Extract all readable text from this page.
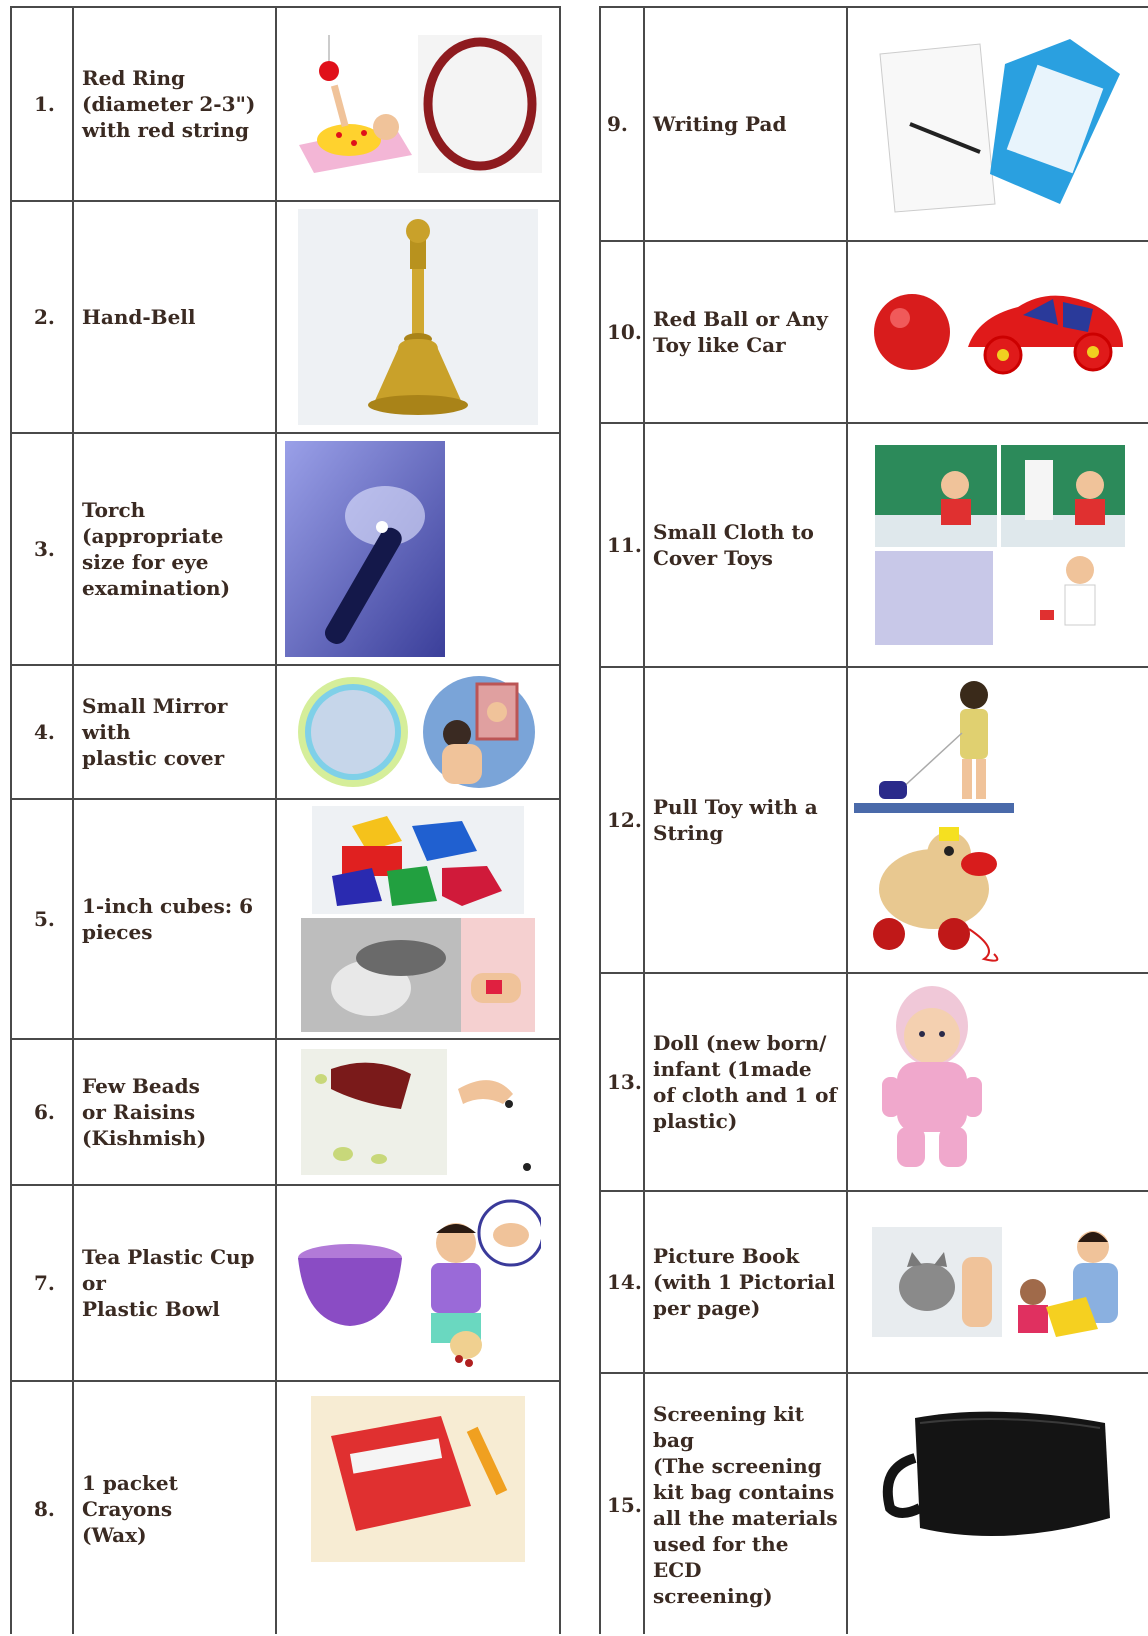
1.
Red Ring
(diameter 2-3")
with red string
2.	Hand-Bell
3.
Torch
(appropriate
size for eye
examination)
4.
Small Mirror with
plastic cover
5.
1-inch cubes: 6
pieces
6.
Few Beads
or Raisins
(Kishmish)
7.
Tea Plastic Cup or
Plastic Bowl
8.
1 packet Crayons
(Wax)
9.	Writing Pad
10.
Red Ball or Any
Toy like Car
11.
Small Cloth to
Cover Toys
12.
Pull Toy with a
String
13.
Doll (new born/
infant (1made
of cloth and 1 of
plastic)
14.
Picture Book
(with 1 Pictorial
per page)
15.
Screening kit bag
(The screening
kit bag contains
all the materials
used for the ECD
screening)
